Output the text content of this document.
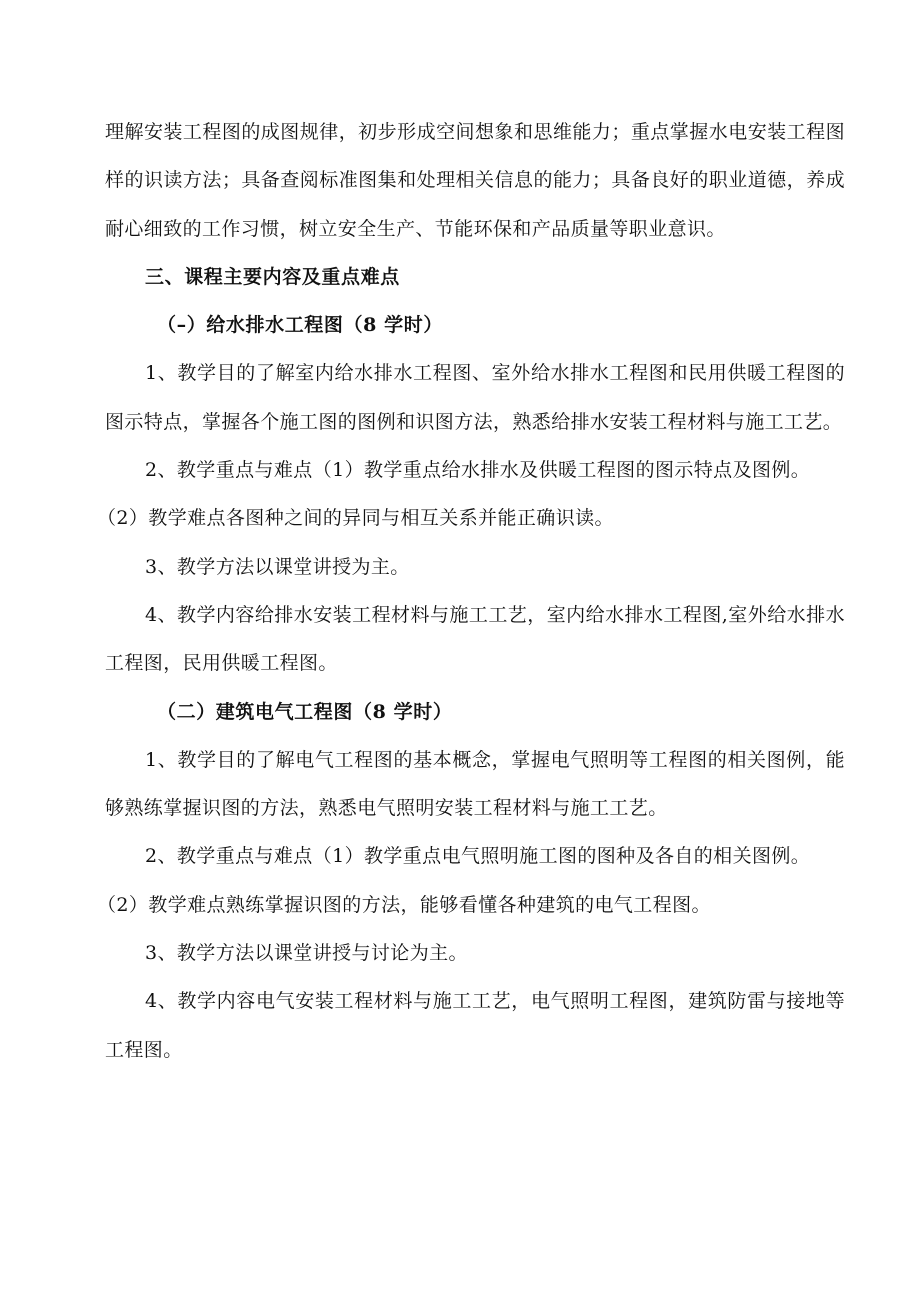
理解安装工程图的成图规律，初步形成空间想象和思维能力；重点掌握水电安装工程图样的识读方法；具备查阅标准图集和处理相关信息的能力；具备良好的职业道德，养成耐心细致的工作习惯，树立安全生产、节能环保和产品质量等职业意识。

三、课程主要内容及重点难点

（–）给水排水工程图（8 学时）

1、教学目的了解室内给水排水工程图、室外给水排水工程图和民用供暖工程图的图示特点，掌握各个施工图的图例和识图方法，熟悉给排水安装工程材料与施工工艺。

2、教学重点与难点（1）教学重点给水排水及供暖工程图的图示特点及图例。

（2）教学难点各图种之间的异同与相互关系并能正确识读。

3、教学方法以课堂讲授为主。

4、教学内容给排水安装工程材料与施工工艺，室内给水排水工程图,室外给水排水工程图，民用供暖工程图。

（二）建筑电气工程图（8 学时）

1、教学目的了解电气工程图的基本概念，掌握电气照明等工程图的相关图例，能够熟练掌握识图的方法，熟悉电气照明安装工程材料与施工工艺。

2、教学重点与难点（1）教学重点电气照明施工图的图种及各自的相关图例。

（2）教学难点熟练掌握识图的方法，能够看懂各种建筑的电气工程图。

3、教学方法以课堂讲授与讨论为主。

4、教学内容电气安装工程材料与施工工艺，电气照明工程图，建筑防雷与接地等工程图。
